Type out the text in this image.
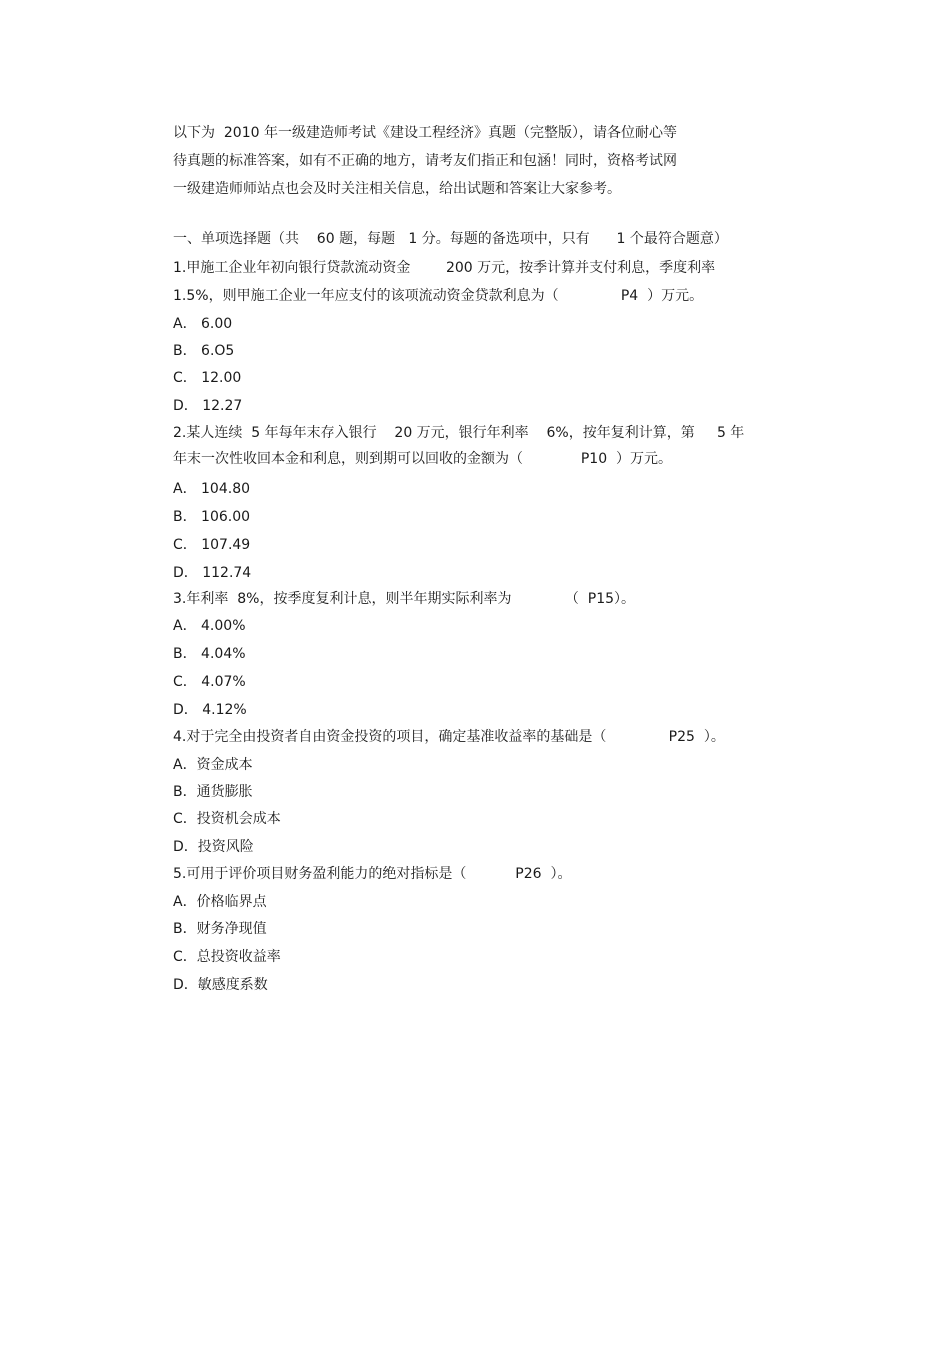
以下为  2010 年一级建造师考试《建设工程经济》真题（完整版），请各位耐心等
待真题的标准答案，如有不正确的地方，请考友们指正和包涵！同时，资格考试网
一级建造师师站点也会及时关注相关信息，给出试题和答案让大家参考。
一、单项选择题（共    60 题，每题   1 分。每题的备选项中，只有      1 个最符合题意）
1.甲施工企业年初向银行贷款流动资金        200 万元，按季计算并支付利息，季度利率
1.5%，则甲施工企业一年应支付的该项流动资金贷款利息为（              P4  ）万元。
A． 6.00
B． 6.O5
C． 12.00
D． 12.27
2.某人连续  5 年每年末存入银行    20 万元，银行年利率    6%，按年复利计算，第     5 年
年末一次性收回本金和利息，则到期可以回收的金额为（             P10  ）万元。
A． 104.80
B． 106.00
C． 107.49
D． 112.74
3.年利率  8%，按季度复利计息，则半年期实际利率为            （  P15）。
A． 4.00%
B． 4.04%
C． 4.07%
D． 4.12%
4.对于完全由投资者自由资金投资的项目，确定基准收益率的基础是（              P25  ）。
A．资金成本
B．通货膨胀
C．投资机会成本
D．投资风险
5.可用于评价项目财务盈利能力的绝对指标是（           P26  ）。
A．价格临界点
B．财务净现值
C．总投资收益率
D．敏感度系数
